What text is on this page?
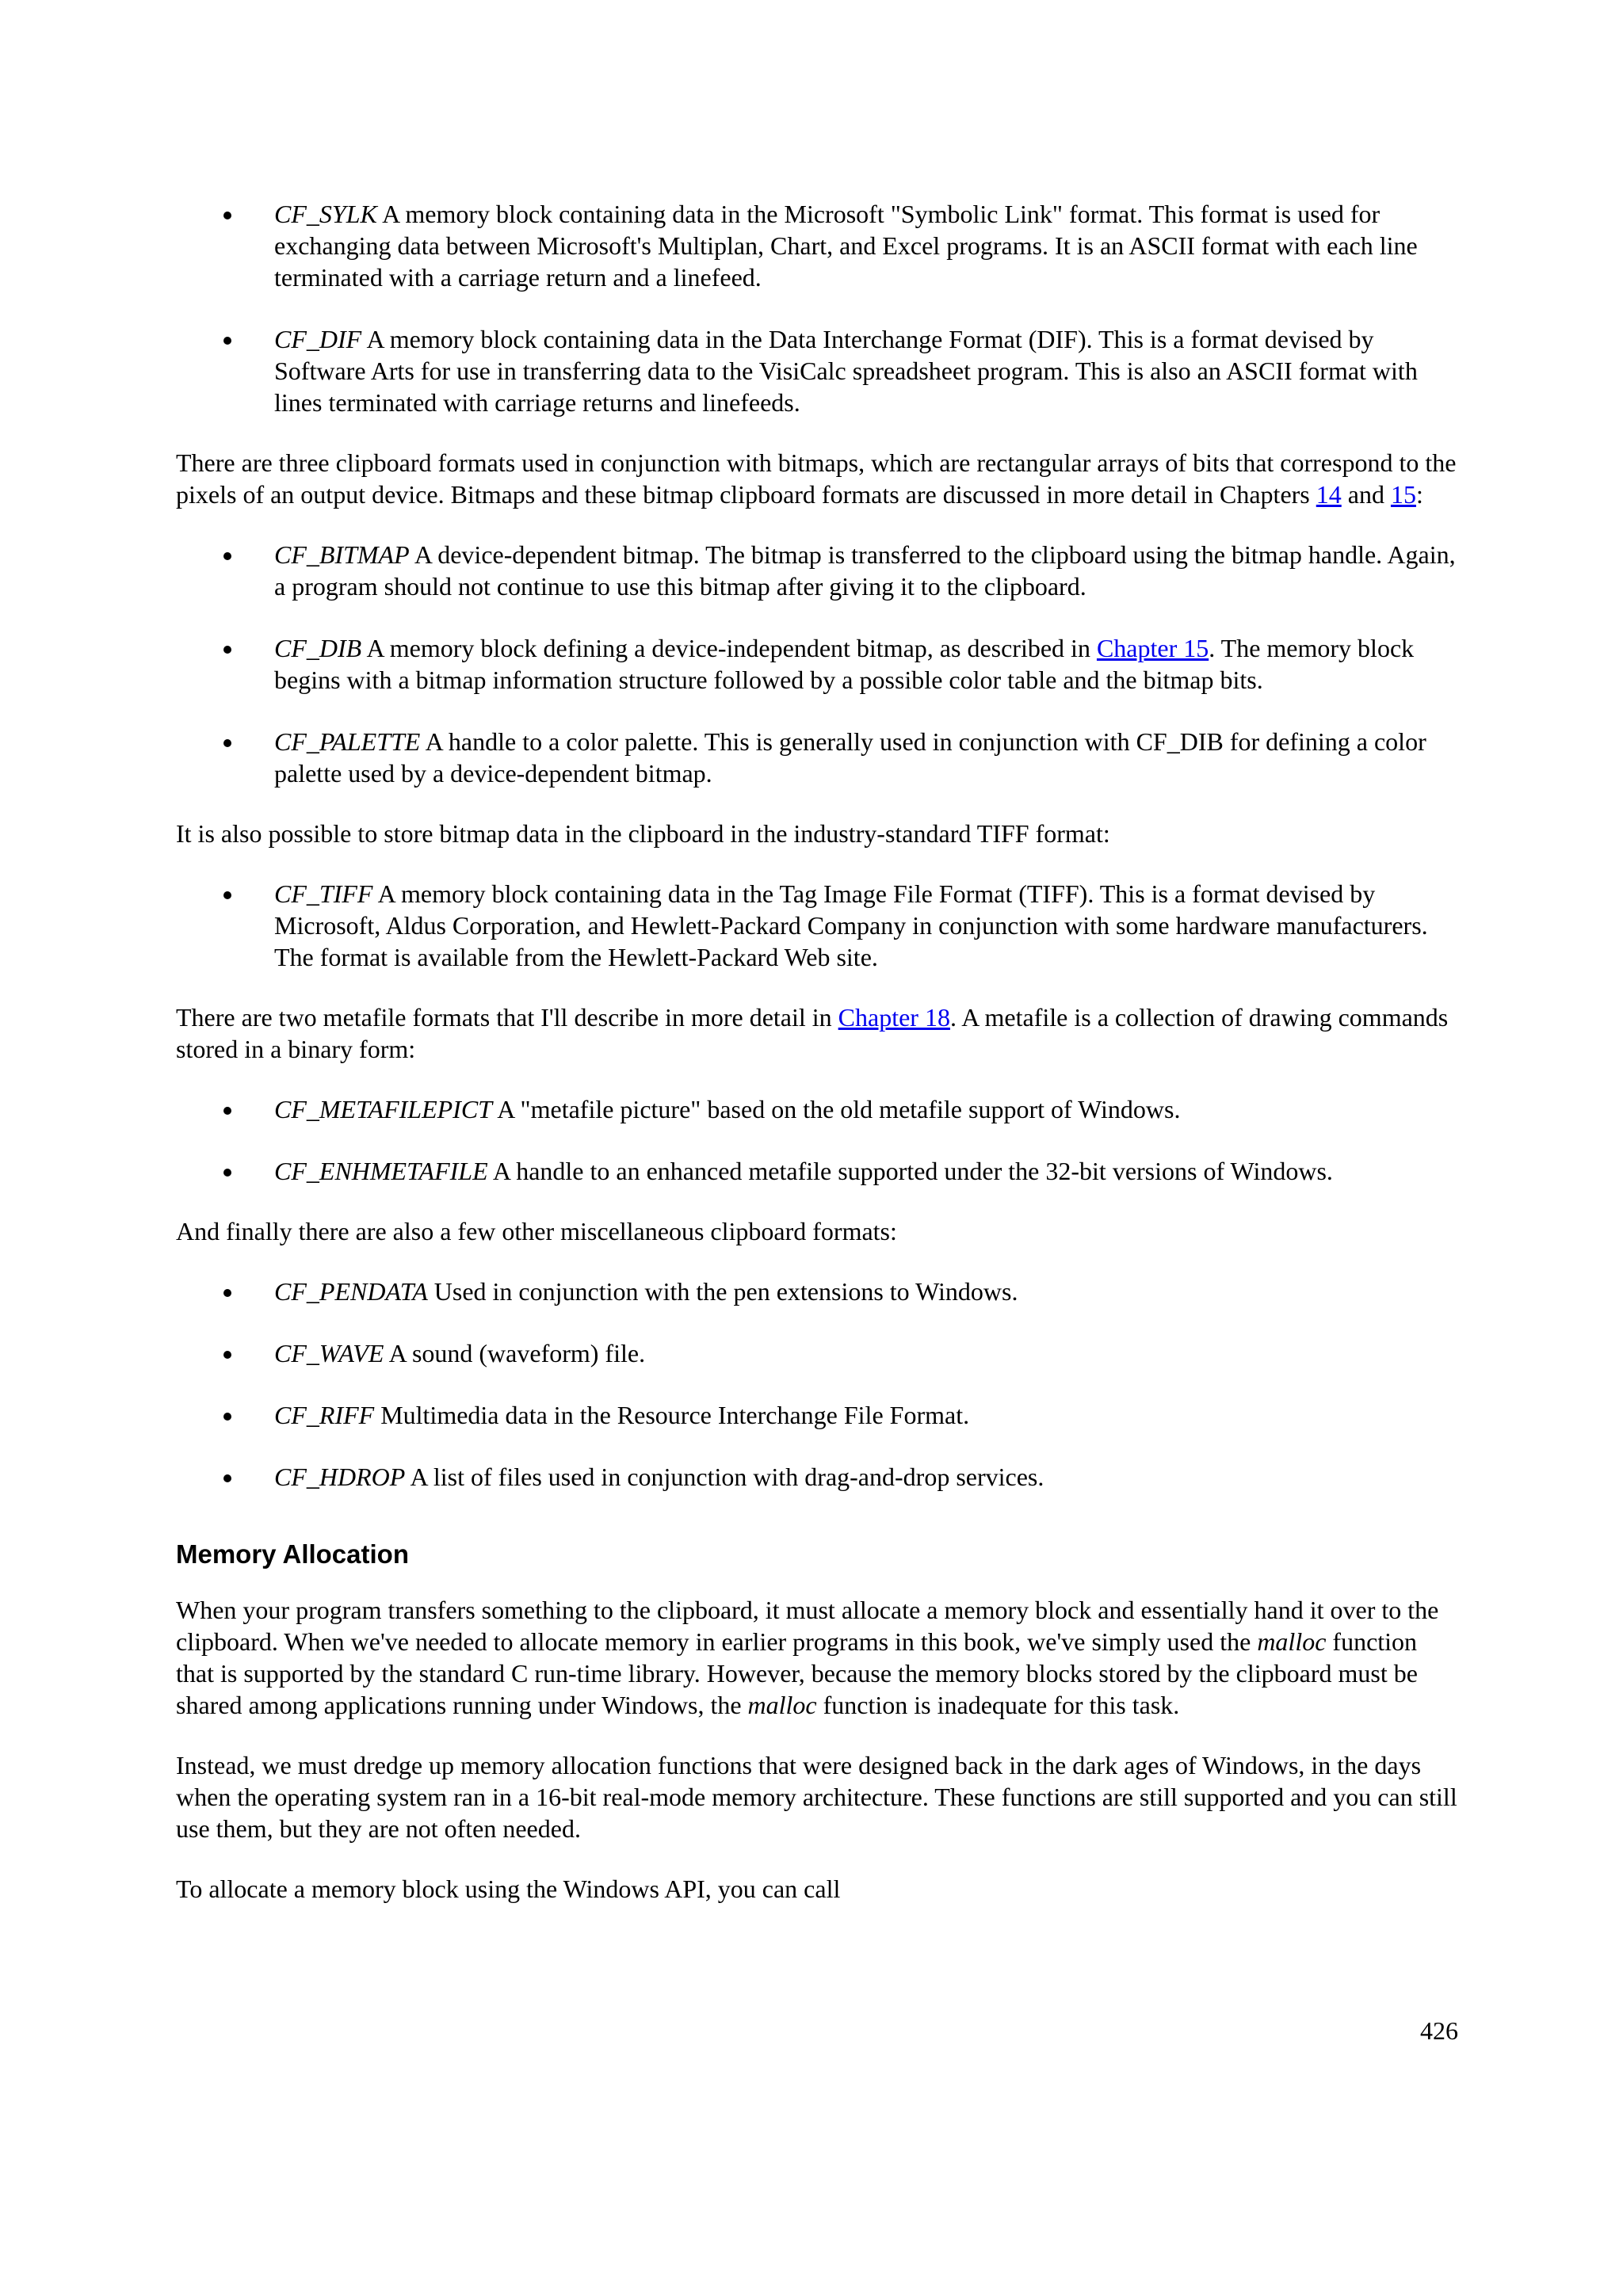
CF_SYLK A memory block containing data in the Microsoft "Symbolic Link" format. This format is used for exchanging data between Microsoft's Multiplan, Chart, and Excel programs. It is an ASCII format with each line terminated with a carriage return and a linefeed.
CF_DIF A memory block containing data in the Data Interchange Format (DIF). This is a format devised by Software Arts for use in transferring data to the VisiCalc spreadsheet program. This is also an ASCII format with lines terminated with carriage returns and linefeeds.

There are three clipboard formats used in conjunction with bitmaps, which are rectangular arrays of bits that correspond to the pixels of an output device. Bitmaps and these bitmap clipboard formats are discussed in more detail in Chapters 14 and 15:

CF_BITMAP A device-dependent bitmap. The bitmap is transferred to the clipboard using the bitmap handle. Again, a program should not continue to use this bitmap after giving it to the clipboard.
CF_DIB A memory block defining a device-independent bitmap, as described in Chapter 15. The memory block begins with a bitmap information structure followed by a possible color table and the bitmap bits.
CF_PALETTE A handle to a color palette. This is generally used in conjunction with CF_DIB for defining a color palette used by a device-dependent bitmap.

It is also possible to store bitmap data in the clipboard in the industry-standard TIFF format:

CF_TIFF A memory block containing data in the Tag Image File Format (TIFF). This is a format devised by Microsoft, Aldus Corporation, and Hewlett-Packard Company in conjunction with some hardware manufacturers. The format is available from the Hewlett-Packard Web site.

There are two metafile formats that I'll describe in more detail in Chapter 18. A metafile is a collection of drawing commands stored in a binary form:

CF_METAFILEPICT A "metafile picture" based on the old metafile support of Windows.
CF_ENHMETAFILE A handle to an enhanced metafile supported under the 32-bit versions of Windows.

And finally there are also a few other miscellaneous clipboard formats:

CF_PENDATA Used in conjunction with the pen extensions to Windows.
CF_WAVE A sound (waveform) file.
CF_RIFF Multimedia data in the Resource Interchange File Format.
CF_HDROP A list of files used in conjunction with drag-and-drop services.
Memory Allocation

When your program transfers something to the clipboard, it must allocate a memory block and essentially hand it over to the clipboard. When we've needed to allocate memory in earlier programs in this book, we've simply used the malloc function that is supported by the standard C run-time library. However, because the memory blocks stored by the clipboard must be shared among applications running under Windows, the malloc function is inadequate for this task.

Instead, we must dredge up memory allocation functions that were designed back in the dark ages of Windows, in the days when the operating system ran in a 16-bit real-mode memory architecture. These functions are still supported and you can still use them, but they are not often needed.

To allocate a memory block using the Windows API, you can call

426
